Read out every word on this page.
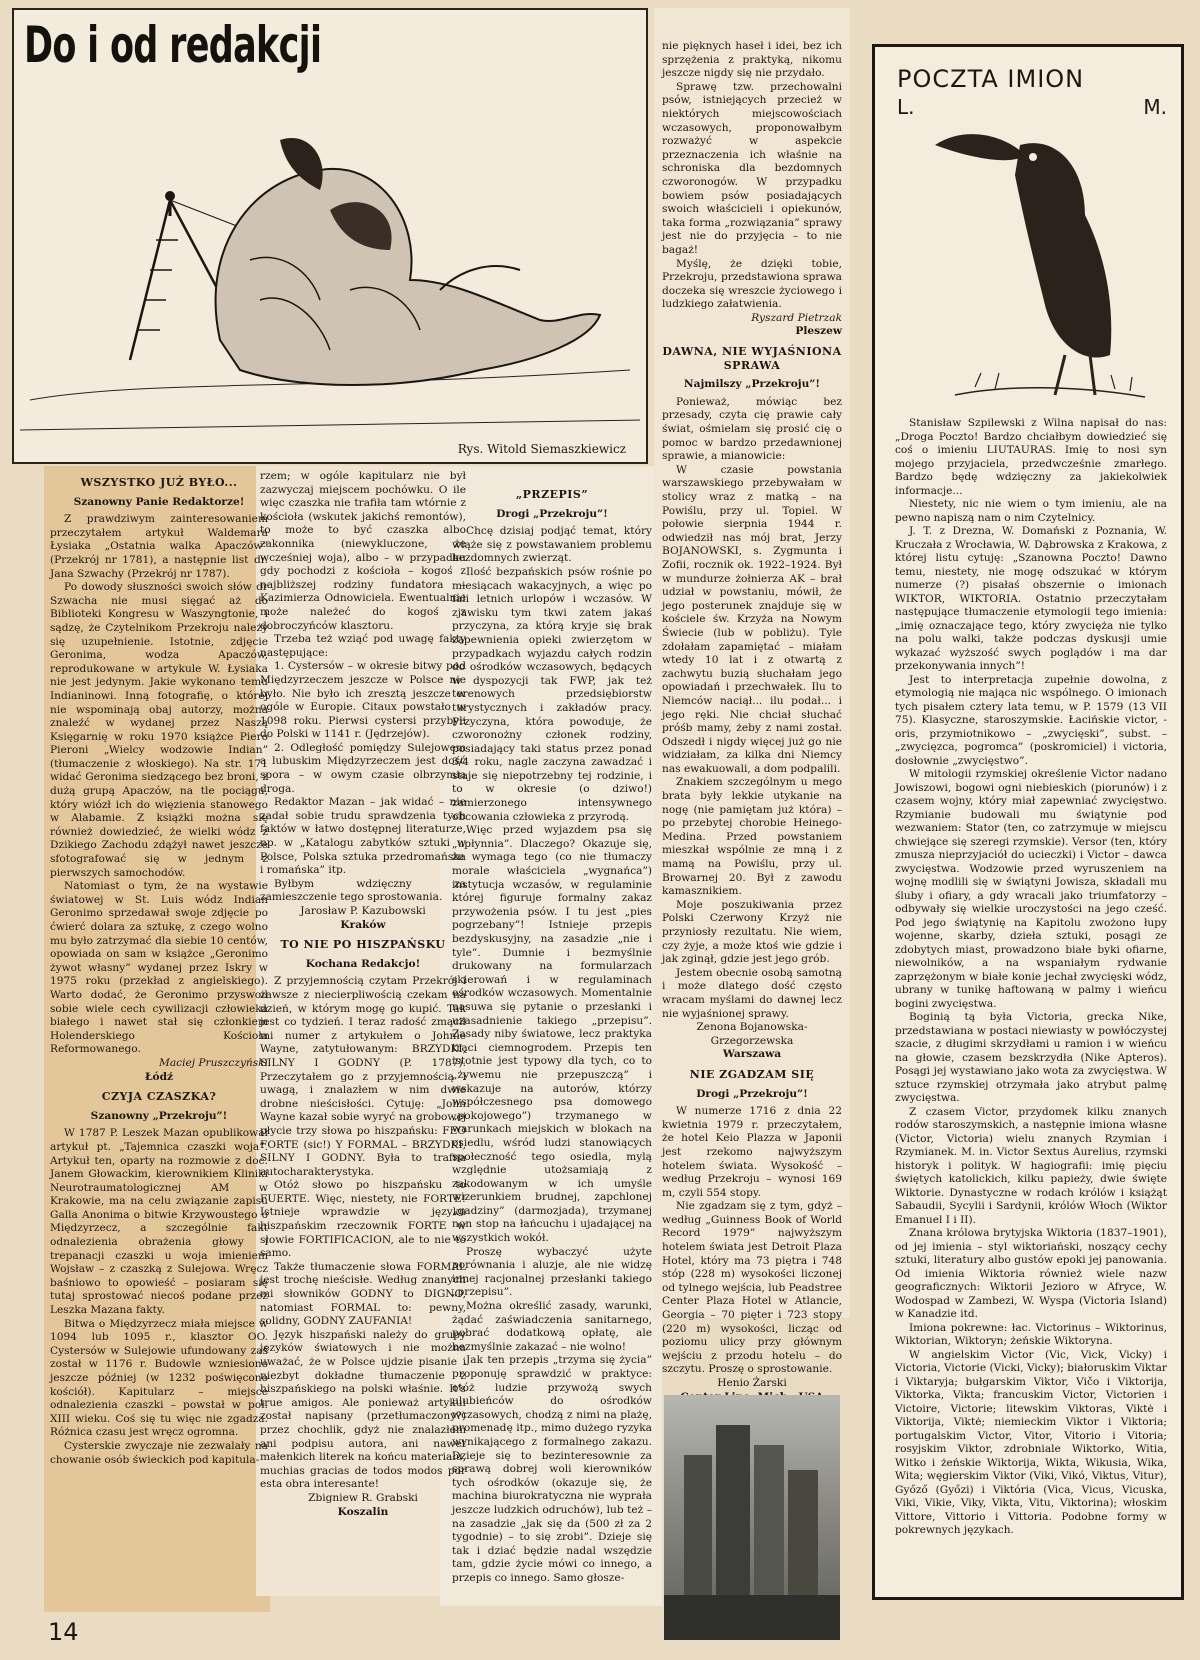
Do i od redakcji
Rys. Witold Siemaszkiewicz
WSZYSTKO JUŻ BYŁO...
Szanowny Panie Redaktorze!

Z prawdziwym zainteresowaniem przeczytałem artykuł Waldemara Łysiaka „Ostatnia walka Apaczów” (Przekrój nr 1781), a następnie list dr. Jana Szwachy (Przekrój nr 1787).

Po dowody słuszności swoich słów dr Szwacha nie musi sięgać aż do Biblioteki Kongresu w Waszyngtonie, i sądzę, że Czytelnikom Przekroju należy się uzupełnienie. Istotnie, zdjęcie Geronima, wodza Apaczów, reprodukowane w artykule W. Łysiaka nie jest jedynym. Jakie wykonano temu Indianinowi. Inną fotografię, o której nie wspominają obaj autorzy, można znaleźć w wydanej przez Naszą Księgarnię w roku 1970 książce Piero Pieroni „Wielcy wodzowie Indian” (tłumaczenie z włoskiego). Na str. 171 widać Geronima siedzącego bez broni, z dużą grupą Apaczów, na tle pociągu, który wiózł ich do więzienia stanowego w Alabamie. Z książki można się również dowiedzieć, że wielki wódz z Dzikiego Zachodu zdążył nawet jeszcze sfotografować się w jednym z pierwszych samochodów.

Natomiast o tym, że na wystawie światowej w St. Luis wódz Indian Geronimo sprzedawał swoje zdjęcie po ćwierć dolara za sztukę, z czego wolno mu było zatrzymać dla siebie 10 centów, opowiada on sam w książce „Geronimo żywot własny” wydanej przez Iskry w 1975 roku (przekład z angielskiego). Warto dodać, że Geronimo przyswoił sobie wiele cech cywilizacji człowieka białego i nawet stał się członkiem Holenderskiego Kościoła Reformowanego.

Maciej Pruszczyński
Łódź
CZYJA CZASZKA?
Szanowny „Przekroju”!

W 1787 P. Leszek Mazan opublikował artykuł pt. „Tajemnica czaszki woja”. Artykuł ten, oparty na rozmowie z doc. Janem Głowackim, kierownikiem Kliniki Neurotraumatologicznej AM w Krakowie, ma na celu związanie zapisu Galla Anonima o bitwie Krzywoustego o Międzyrzecz, a szczególnie fakt odnalezienia obrażenia głowy i trepanacji czaszki u woja imieniem Wojsław – z czaszką z Sulejowa. Wręcz baśniowo to opowieść – posiaram się tutaj sprostować niecoś podane przez Leszka Mazana fakty.

Bitwa o Międzyrzecz miała miejsce w 1094 lub 1095 r., klasztor OO. Cystersów w Sulejowie ufundowany zaś został w 1176 r. Budowle wzniesiono jeszcze później (w 1232 poświęcono kościół). Kapitularz – miejsce odnalezienia czaszki – powstał w poł. XIII wieku. Coś się tu więc nie zgadza. Różnica czasu jest wręcz ogromna.

Cysterskie zwyczaje nie zezwalały na chowanie osób świeckich pod kapitula-

rzem; w ogóle kapitularz nie był zazwyczaj miejscem pochówku. O ile więc czaszka nie trafiła tam wtórnie z kościoła (wskutek jakichś remontów), to może to być czaszka albo zakonnika (niewykluczone, że wcześniej woja), albo – w przypadku gdy pochodzi z kościoła – kogoś z najbliższej rodziny fundatora – Kazimierza Odnowiciela. Ewentualnie może należeć do kogoś z dobroczyńców klasztoru.

Trzeba też wziąć pod uwagę fakty następujące:

1. Cystersów – w okresie bitwy pod Międzyrzeczem jeszcze w Polsce nie było. Nie było ich zresztą jeszcze w ogóle w Europie. Citaux powstało w 1098 roku. Pierwsi cystersi przybyli do Polski w 1141 r. (Jędrzejów).

2. Odległość pomiędzy Sulejowem a lubuskim Międzyrzeczem jest dość spora – w owym czasie olbrzymia droga.

Redaktor Mazan – jak widać – nie zadał sobie trudu sprawdzenia tych faktów w łatwo dostępnej literaturze, np. w „Katalogu zabytków sztuki w Polsce, Polska sztuka przedromańska i romańska” itp.

Byłbym wdzięczny za zamieszczenie tego sprostowania.

Jarosław P. Kazubowski
Kraków
TO NIE PO HISZPAŃSKU
Kochana Redakcjo!

Z przyjemnością czytam Przekrój i zawsze z niecierpliwością czekam na dzień, w którym mogę go kupić. Tak jest co tydzień. I teraz radość zmącił mi numer z artykułem o Johnie Wayne, zatytułowanym: BRZYDKI, SILNY I GODNY (P. 1787). Przeczytałem go z przyjemnością i uwagą, i znalazłem w nim dwie drobne nieścisłości. Cytuję: „John Wayne kazał sobie wyryć na grobowej płycie trzy słowa po hiszpańsku: FEO FORTE (sic!) Y FORMAL – BRZYDKI, SILNY I GODNY. Była to trafna autocharakterystyka.

Otóż słowo po hiszpańsku to FUERTE. Więc, niestety, nie FORTE! Istnieje wprawdzie w języku hiszpańskim rzeczownik FORTE w słowie FORTIFICACION, ale to nie to samo.

Także tłumaczenie słowa FORMAL jest trochę nieścisłe. Według znanych mi słowników GODNY to DIGNO, natomiast FORMAL to: pewny, solidny, GODNY ZAUFANIA!

Język hiszpański należy do grupy języków światowych i nie można uważać, że w Polsce ujdzie pisanie i niezbyt dokładne tłumaczenie z hiszpańskiego na polski właśnie. It's true amigos. Ale ponieważ artykuł został napisany (przetłumaczony?) przez chochlik, gdyż nie znalazłem ani podpisu autora, ani nawet małenkich literek na końcu materiału, muchias gracias de todos modos por esta obra interesante!

Zbigniew R. Grabski
Koszalin
„PRZEPIS”
Drogi „Przekroju”!

Chcę dzisiaj podjąć temat, który wiąże się z powstawaniem problemu bezdomnych zwierząt.

Ilość bezpańskich psów rośnie po miesiącach wakacyjnych, a więc po fali letnich urlopów i wczasów. W zjawisku tym tkwi zatem jakaś przyczyna, za którą kryje się brak zapewnienia opieki zwierzętom w przypadkach wyjazdu całych rodzin do ośrodków wczasowych, będących w dyspozycji tak FWP, jak też terenowych przedsiębiorstw turystycznych i zakładów pracy. Przyczyna, która powoduje, że czworonożny członek rodziny, posiadający taki status przez ponad 3/4 roku, nagle zaczyna zawadzać i staje się niepotrzebny tej rodzinie, i to w okresie (o dziwo!) zamierzonego intensywnego obcowania człowieka z przyrodą.

Więc przed wyjazdem psa się „upłynnia”. Dlaczego? Okazuje się, że wymaga tego (co nie tłumaczy morale właściciela „wygnańca”) instytucja wczasów, w regulaminie której figuruje formalny zakaz przywożenia psów. I tu jest „pies pogrzebany”! Istnieje przepis bezdyskusyjny, na zasadzie „nie i tyle”. Dumnie i bezmyślnie drukowany na formularzach skierowań i w regulaminach ośrodków wczasowych. Momentalnie nasuwa się pytanie o przesłanki i uzasadnienie takiego „przepisu”. Zasady niby światowe, lecz praktyka trąci ciemnogrodem. Przepis ten istotnie jest typowy dla tych, co to „żywemu nie przepuszczą” i wskazuje na autorów, którzy współczesnego psa domowego „pokojowego”) trzymanego w warunkach miejskich w blokach na osiedlu, wśród ludzi stanowiących społeczność tego osiedla, mylą względnie utożsamiają z zakodowanym w ich umyśle wizerunkiem brudnej, zapchlonej „gadziny” (darmozjada), trzymanej non stop na łańcuchu i ujadającej na wszystkich wokół.

Proszę wybaczyć użyte porównania i aluzje, ale nie widzę innej racjonalnej przesłanki takiego „przepisu”.

Można określić zasady, warunki, żądać zaświadczenia sanitarnego, pobrać dodatkową opłatę, ale bezmyślnie zakazać – nie wolno!

Jak ten przepis „trzyma się życia” proponuję sprawdzić w praktyce: otóż ludzie przywożą swych ulubieńców do ośrodków wczasowych, chodzą z nimi na plażę, promenadę itp., mimo dużego ryzyka wynikającego z formalnego zakazu. Dzieje się to bezinteresownie za sprawą dobrej woli kierowników tych ośrodków (okazuje się, że machina biurokratyczna nie wyprała jeszcze ludzkich odruchów), lub też – na zasadzie „jak się da (500 zł za 2 tygodnie) – to się zrobi”. Dzieje się tak i dziać będzie nadal wszędzie tam, gdzie życie mówi co innego, a przepis co innego. Samo głosze-

nie pięknych haseł i idei, bez ich sprzężenia z praktyką, nikomu jeszcze nigdy się nie przydało.

Sprawę tzw. przechowalni psów, istniejących przecież w niektórych miejscowościach wczasowych, proponowałbym rozważyć w aspekcie przeznaczenia ich właśnie na schroniska dla bezdomnych czworonogów. W przypadku bowiem psów posiadających swoich właścicieli i opiekunów, taka forma „rozwiązania” sprawy jest nie do przyjęcia – to nie bagaż!

Myślę, że dzięki tobie, Przekroju, przedstawiona sprawa doczeka się wreszcie życiowego i ludzkiego załatwienia.

Ryszard Pietrzak
Pleszew
DAWNA, NIE WYJAŚNIONA SPRAWA
Najmilszy „Przekroju”!

Ponieważ, mówiąc bez przesady, czyta cię prawie cały świat, ośmielam się prosić cię o pomoc w bardzo przedawnionej sprawie, a mianowicie:

W czasie powstania warszawskiego przebywałam w stolicy wraz z matką – na Powiślu, przy ul. Topiel. W połowie sierpnia 1944 r. odwiedził nas mój brat, Jerzy BOJANOWSKI, s. Zygmunta i Zofii, rocznik ok. 1922–1924. Był w mundurze żołnierza AK – brał udział w powstaniu, mówił, że jego posterunek znajduje się w kościele św. Krzyża na Nowym Świecie (lub w pobliżu). Tyle zdołałam zapamiętać – miałam wtedy 10 lat i z otwartą z zachwytu buzią słuchałam jego opowiadań i przechwałek. Ilu to Niemców naciął... ilu podał... i jego ręki. Nie chciał słuchać próśb mamy, żeby z nami został. Odszedł i nigdy więcej już go nie widziałam, za kilka dni Niemcy nas ewakuowali, a dom podpalili.

Znakiem szczególnym u mego brata były lekkie utykanie na nogę (nie pamiętam już która) – po przebytej chorobie Heinego-Medina. Przed powstaniem mieszkał wspólnie ze mną i z mamą na Powiślu, przy ul. Browarnej 20. Był z zawodu kamasznikiem.

Moje poszukiwania przez Polski Czerwony Krzyż nie przyniosły rezultatu. Nie wiem, czy żyje, a może ktoś wie gdzie i jak zginął, gdzie jest jego grób.

Jestem obecnie osobą samotną i może dlatego dość często wracam myślami do dawnej lecz nie wyjaśnionej sprawy.

Zenona Bojanowska-Grzegorzewska
Warszawa
NIE ZGADZAM SIĘ
Drogi „Przekroju”!

W numerze 1716 z dnia 22 kwietnia 1979 r. przeczytałem, że hotel Keio Plazza w Japonii jest rzekomo najwyższym hotelem świata. Wysokość – według Przekroju – wynosi 169 m, czyli 554 stopy.

Nie zgadzam się z tym, gdyż – według „Guinness Book of World Record 1979” najwyższym hotelem świata jest Detroit Plaza Hotel, który ma 73 piętra i 748 stóp (228 m) wysokości liczonej od tylnego wejścia, lub Peadstree Center Plaza Hotel w Atlancie, Georgia – 70 pięter i 723 stopy (220 m) wysokości, licząc od poziomu ulicy przy głównym wejściu z przodu hotelu – do szczytu. Proszę o sprostowanie.

Henio Żarski
POCZTA IMION
L.	M.

Stanisław Szpilewski z Wilna napisał do nas: „Droga Poczto! Bardzo chciałbym dowiedzieć się coś o imieniu LIUTAURAS. Imię to nosi syn mojego przyjaciela, przedwcześnie zmarłego. Bardzo będę wdzięczny za jakiekolwiek informacje...

Niestety, nic nie wiem o tym imieniu, ale na pewno napiszą nam o nim Czytelnicy.

J. T. z Drezna, W. Domański z Poznania, W. Kruczała z Wrocławia, W. Dąbrowska z Krakowa, z której listu cytuję: „Szanowna Poczto! Dawno temu, niestety, nie mogę odszukać w którym numerze (?) pisałaś obszernie o imionach WIKTOR, WIKTORIA. Ostatnio przeczytałam następujące tłumaczenie etymologii tego imienia: „imię oznaczające tego, który zwycięża nie tylko na polu walki, także podczas dyskusji umie wykazać wyższość swych poglądów i ma dar przekonywania innych”!

Jest to interpretacja zupełnie dowolna, z etymologią nie mająca nic wspólnego. O imionach tych pisałem cztery lata temu, w P. 1579 (13 VII 75). Klasyczne, staroszymskie. Łacińskie victor, -oris, przymiotnikowo – „zwycięski”, subst. – „zwycięzca, pogromca” (poskromiciel) i victoria, dosłownie „zwycięstwo”.

W mitologii rzymskiej określenie Victor nadano Jowiszowi, bogowi ogni niebieskich (piorunów) i z czasem wojny, który miał zapewniać zwycięstwo. Rzymianie budowali mu świątynie pod wezwaniem: Stator (ten, co zatrzymuje w miejscu chwiejące się szeregi rzymskie). Versor (ten, który zmusza nieprzyjaciół do ucieczki) i Victor – dawca zwycięstwa. Wodzowie przed wyruszeniem na wojnę modlili się w świątyni Jowisza, składali mu śluby i ofiary, a gdy wracali jako triumfatorzy – odbywały się wielkie uroczystości na jego cześć. Pod jego świątynię na Kapitolu zwożono łupy wojenne, skarby, dzieła sztuki, posągi ze zdobytych miast, prowadzono białe byki ofiarne, niewolników, a na wspaniałym rydwanie zaprzężonym w białe konie jechał zwycięski wódz, ubrany w tunikę haftowaną w palmy i wieńcu bogini zwycięstwa.

Boginią tą była Victoria, grecka Nike, przedstawiana w postaci niewiasty w powłóczystej szacie, z długimi skrzydłami u ramion i w wieńcu na głowie, czasem bezskrzydła (Nike Apteros). Posągi jej wystawiano jako wota za zwycięstwa. W sztuce rzymskiej otrzymała jako atrybut palmę zwycięstwa.

Z czasem Victor, przydomek kilku znanych rodów staroszymskich, a następnie imiona własne (Victor, Victoria) wielu znanych Rzymian i Rzymianek. M. in. Victor Sextus Aurelius, rzymski historyk i polityk. W hagiografii: imię pięciu świętych katolickich, kilku papieży, dwie święte Wiktorie. Dynastyczne w rodach królów i książąt Sabaudii, Sycylii i Sardynii, królów Włoch (Wiktor Emanuel I i II).

Znana królowa brytyjska Wiktoria (1837–1901), od jej imienia – styl wiktoriański, noszący cechy sztuki, literatury albo gustów epoki jej panowania. Od imienia Wiktoria również wiele nazw geograficznych: Wiktorii Jezioro w Afryce, W. Wodospad w Zambezi, W. Wyspa (Victoria Island) w Kanadzie itd.

Imiona pokrewne: łac. Victorinus – Wiktorinus, Wiktorian, Wiktoryn; żeńskie Wiktoryna.

W angielskim Victor (Vic, Vick, Vicky) i Victoria, Victorie (Vicki, Vicky); białoruskim Viktar i Viktaryja; bułgarskim Viktor, Vičo i Viktorija, Viktorka, Vikta; francuskim Victor, Victorien i Victoire, Victorie; litewskim Viktoras, Viktė i Viktorija, Viktė; niemieckim Viktor i Viktoria; portugalskim Victor, Vitor, Vitorio i Vitoria; rosyjskim Viktor, zdrobniale Wiktorko, Witia, Witko i żeńskie Wiktorija, Wikta, Wikusia, Wika, Wita; węgierskim Viktor (Viki, Vikó, Viktus, Vitur), Győző (Győzi) i Viktória (Vica, Vicus, Vicuska, Viki, Vikie, Viky, Vikta, Vitu, Viktorina); włoskim Vittore, Vittorio i Vittoria. Podobne formy w pokrewnych językach.

14
